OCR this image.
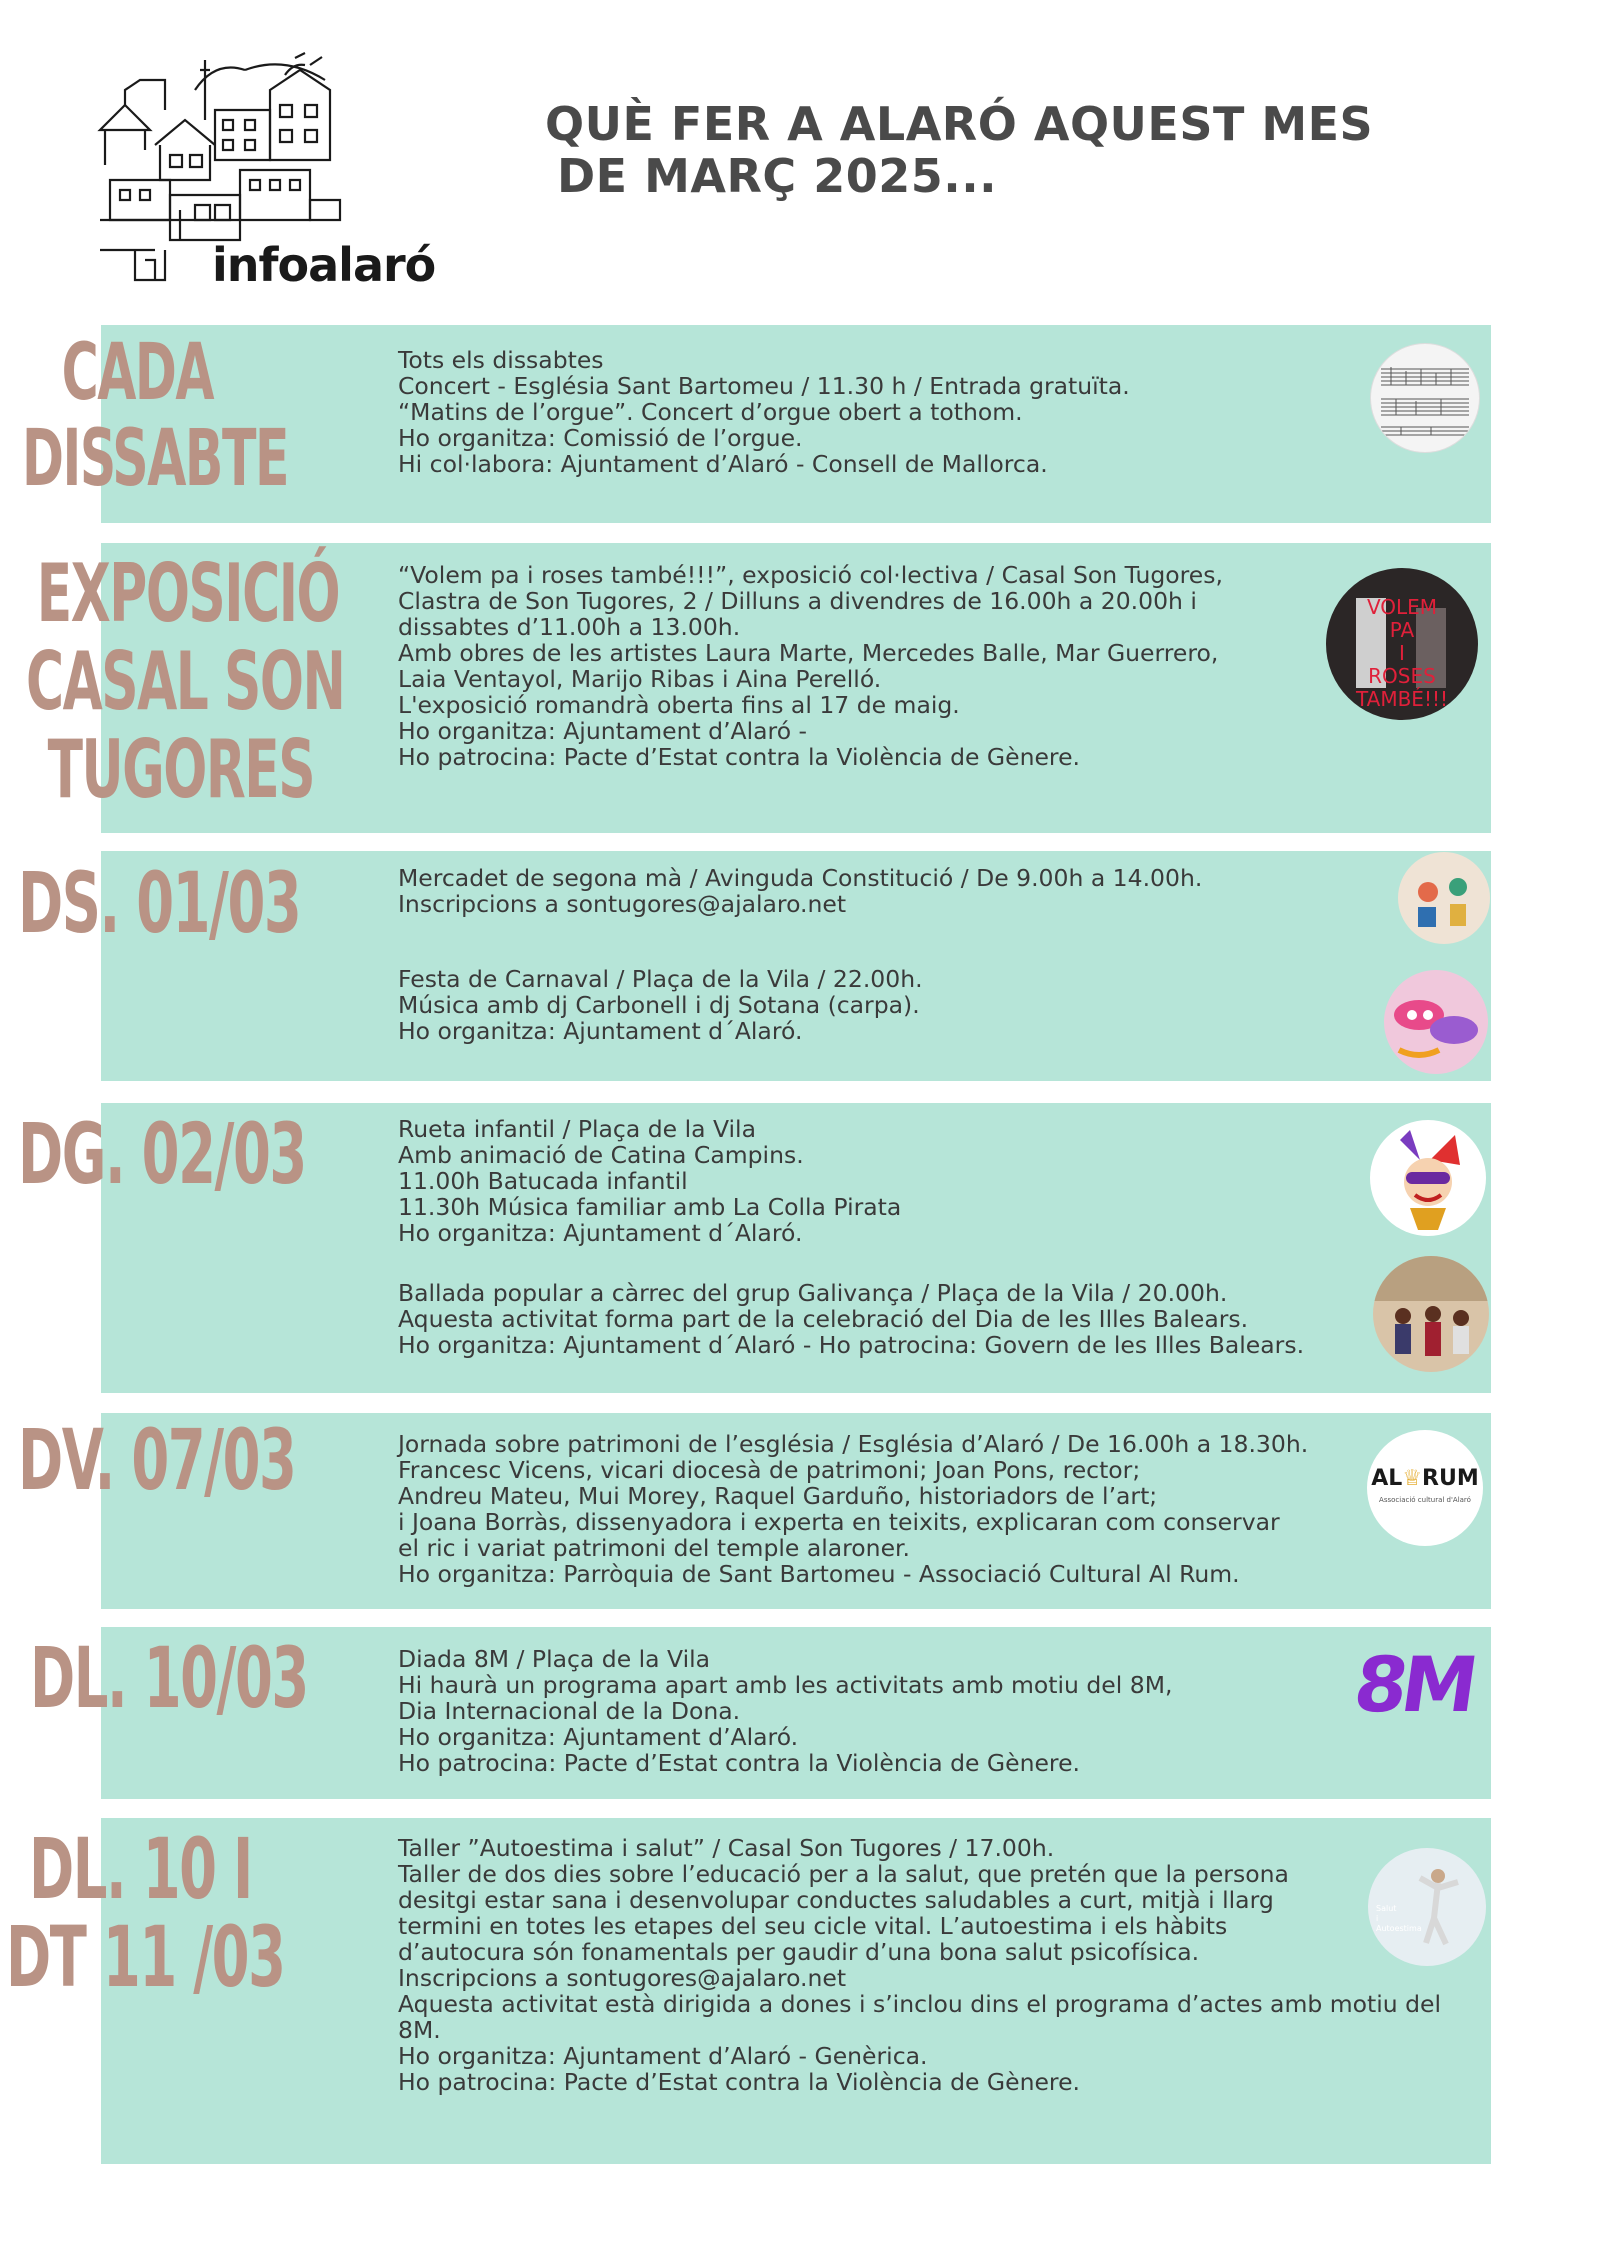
infoalaró
QUÈ FER A ALARÓ AQUEST MES
DE MARÇ 2025...
CADA
DISSABTE
Tots els dissabtes
Concert - Església Sant Bartomeu / 11.30 h / Entrada gratuïta.
“Matins de l’orgue”. Concert d’orgue obert a tothom.
Ho organitza: Comissió de l’orgue.
Hi col·labora: Ajuntament d’Alaró - Consell de Mallorca.
EXPOSICIÓ
CASAL SON
TUGORES
“Volem pa i roses també!!!”, exposició col·lectiva / Casal Son Tugores,
Clastra de Son Tugores, 2 / Dilluns a divendres de 16.00h a 20.00h i
dissabtes d’11.00h a 13.00h.
Amb obres de les artistes Laura Marte, Mercedes Balle, Mar Guerrero,
Laia Ventayol, Marijo Ribas i Aina Perelló.
L'exposició romandrà oberta fins al 17 de maig.
Ho organitza: Ajuntament d’Alaró -
Ho patrocina: Pacte d’Estat contra la Violència de Gènere.
VOLEM
PA
I
ROSES
TAMBÉ!!!
DS. 01/03	Mercadet de segona mà / Avinguda Constitució / De 9.00h a 14.00h.
Inscripcions a sontugores@ajalaro.net
Festa de Carnaval / Plaça de la Vila / 22.00h.
Música amb dj Carbonell i dj Sotana (carpa).
Ho organitza: Ajuntament d´Alaró.
DG. 02/03	Rueta infantil / Plaça de la Vila
Amb animació de Catina Campins.
11.00h Batucada infantil
11.30h Música familiar amb La Colla Pirata
Ho organitza: Ajuntament d´Alaró.
Ballada popular a càrrec del grup Galivança / Plaça de la Vila / 20.00h.
Aquesta activitat forma part de la celebració del Dia de les Illes Balears.
Ho organitza: Ajuntament d´Alaró - Ho patrocina: Govern de les Illes Balears.
DV. 07/03	Jornada sobre patrimoni de l’església / Església d’Alaró / De 16.00h a 18.30h.
Francesc Vicens, vicari diocesà de patrimoni; Joan Pons, rector;
Andreu Mateu, Mui Morey, Raquel Garduño, historiadors de l’art;
i Joana Borràs, dissenyadora i experta en teixits, explicaran com conservar
el ric i variat patrimoni del temple alaroner.
Ho organitza: Parròquia de Sant Bartomeu - Associació Cultural Al Rum.
AL♕RUM
Associació cultural d'Alaró
DL. 10/03	Diada 8M / Plaça de la Vila
Hi haurà un programa apart amb les activitats amb motiu del 8M,
Dia Internacional de la Dona.
Ho organitza: Ajuntament d’Alaró.
Ho patrocina: Pacte d’Estat contra la Violència de Gènere.
8M
DL. 10 I
DT 11 /03
Taller ”Autoestima i salut” / Casal Son Tugores / 17.00h.
Taller de dos dies sobre l’educació per a la salut, que pretén que la persona
desitgi estar sana i desenvolupar conductes saludables a curt, mitjà i llarg
termini en totes les etapes del seu cicle vital. L’autoestima i els hàbits
d’autocura són fonamentals per gaudir d’una bona salut psicofísica.
Inscripcions a sontugores@ajalaro.net
Aquesta activitat està dirigida a dones i s’inclou dins el programa d’actes amb motiu del
8M.
Ho organitza: Ajuntament d’Alaró - Genèrica.
Ho patrocina: Pacte d’Estat contra la Violència de Gènere.
Salut
i
Autoestima
